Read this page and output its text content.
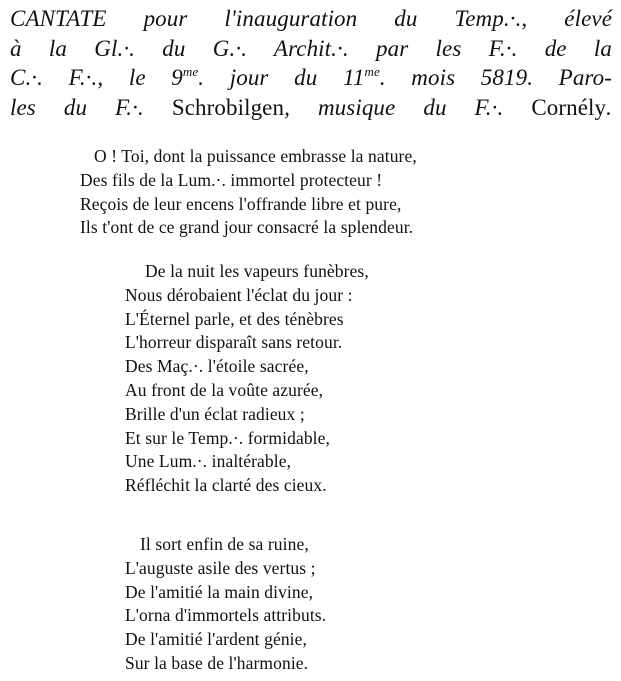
CANTATE pour l'inauguration du Temp.·., élevé
à la Gl.·. du G.·. Archit.·. par les F.·. de la
C.·. F.·., le $9^{me}$. jour du $11^{me}$. mois 5819. Paro-
les du F.·. Schrobilgen, musique du F.·. Cornély.
O ! Toi, dont la puissance embrasse la nature,
Des fils de la Lum.·. immortel protecteur !
Reçois de leur encens l'offrande libre et pure,
Ils t'ont de ce grand jour consacré la splendeur.
De la nuit les vapeurs funèbres,
Nous dérobaient l'éclat du jour :
L'Éternel parle, et des ténèbres
L'horreur disparaît sans retour.
Des Maç.·. l'étoile sacrée,
Au front de la voûte azurée,
Brille d'un éclat radieux ;
Et sur le Temp.·. formidable,
Une Lum.·. inaltérable,
Réfléchit la clarté des cieux.
Il sort enfin de sa ruine,
L'auguste asile des vertus ;
De l'amitié la main divine,
L'orna d'immortels attributs.
De l'amitié l'ardent génie,
Sur la base de l'harmonie.
